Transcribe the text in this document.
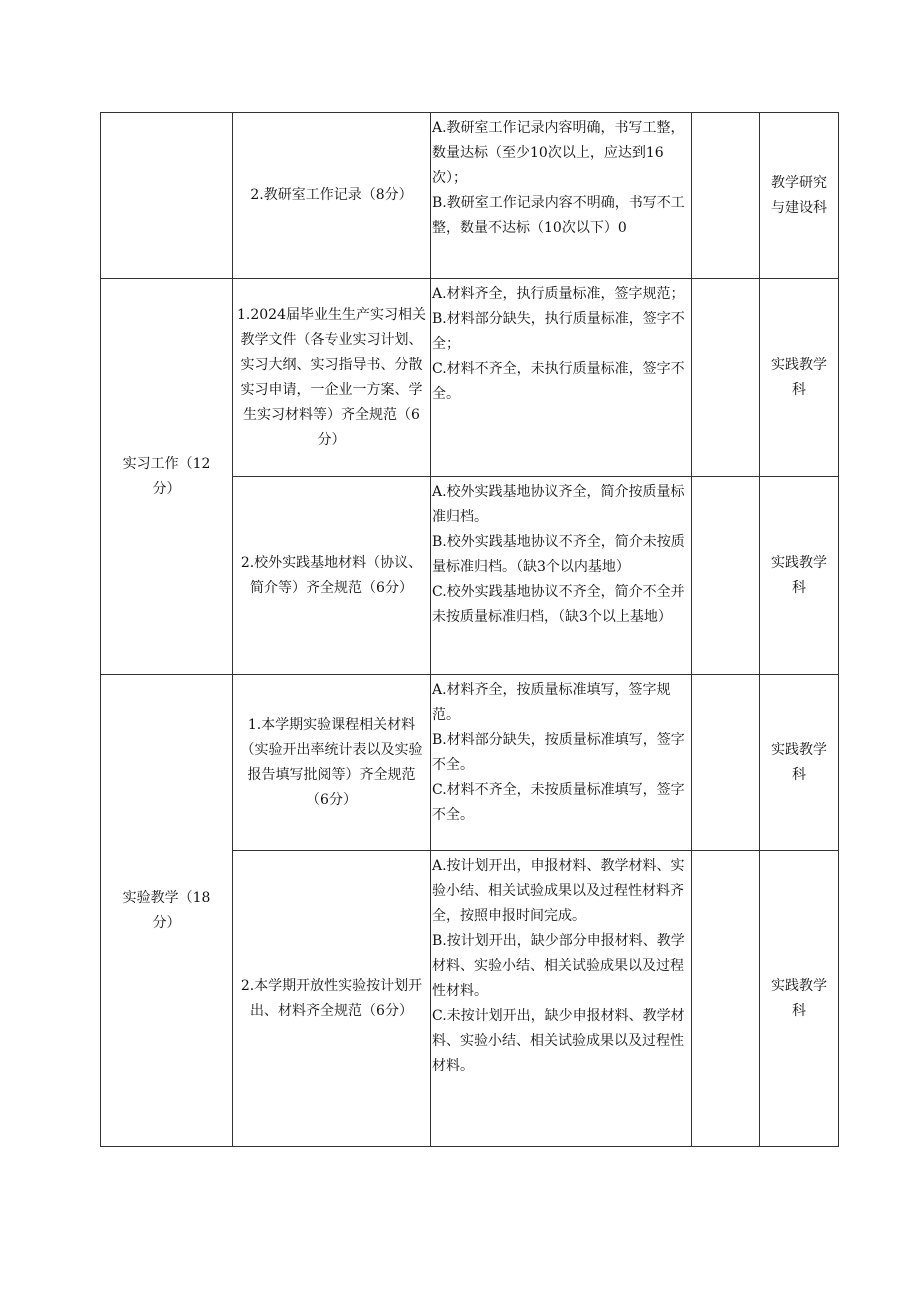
	2.教研室工作记录（8分）	A.教研室工作记录内容明确，书写工整，数量达标（至少10次以上，应达到16次）；
B.教研室工作记录内容不明确，书写不工整，数量不达标（10次以下）0		教学研究与建设科
实习工作（12分）	1.2024届毕业生生产实习相关教学文件（各专业实习计划、实习大纲、实习指导书、分散实习申请，一企业一方案、学生实习材料等）齐全规范（6分）	A.材料齐全，执行质量标准，签字规范；
B.材料部分缺失，执行质量标准，签字不全；
C.材料不齐全，未执行质量标准，签字不全。		实践教学科
	2.校外实践基地材料（协议、简介等）齐全规范（6分）	A.校外实践基地协议齐全，简介按质量标准归档。
B.校外实践基地协议不齐全，简介未按质量标准归档。（缺3个以内基地）
C.校外实践基地协议不齐全，简介不全并未按质量标准归档，（缺3个以上基地）		实践教学科
实验教学（18分）	1.本学期实验课程相关材料（实验开出率统计表以及实验报告填写批阅等）齐全规范（6分）	A.材料齐全，按质量标准填写，签字规范。
B.材料部分缺失，按质量标准填写，签字不全。
C.材料不齐全，未按质量标准填写，签字不全。		实践教学科
	2.本学期开放性实验按计划开出、材料齐全规范（6分）	A.按计划开出，申报材料、教学材料、实验小结、相关试验成果以及过程性材料齐全，按照申报时间完成。
B.按计划开出，缺少部分申报材料、教学材料、实验小结、相关试验成果以及过程性材料。
C.未按计划开出，缺少申报材料、教学材料、实验小结、相关试验成果以及过程性材料。		实践教学科
